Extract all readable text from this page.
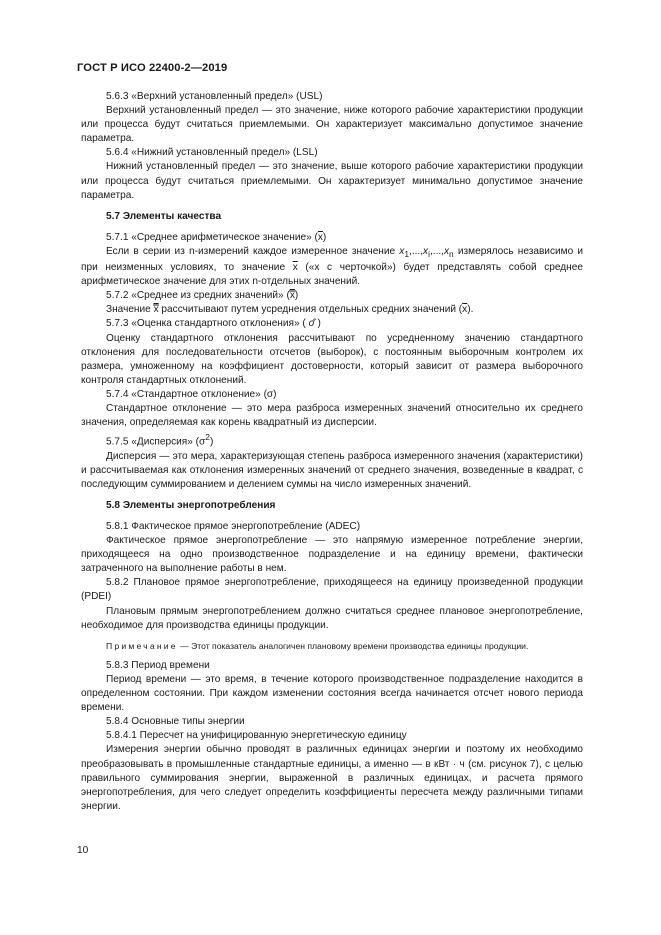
ГОСТ Р ИСО 22400-2—2019

5.6.3 «Верхний установленный предел» (USL)

Верхний установленный предел — это значение, ниже которого рабочие характеристики продукции или процесса будут считаться приемлемыми. Он характеризует максимально допустимое значение параметра.

5.6.4 «Нижний установленный предел» (LSL)

Нижний установленный предел — это значение, выше которого рабочие характеристики продукции или процесса будут считаться приемлемыми. Он характеризует минимально допустимое значение параметра.

5.7 Элементы качества

5.7.1 «Среднее арифметическое значение» $(\overline{x})$

Если в серии из n-измерений каждое измеренное значение $x_1,...,x_i,...,x_n$ измерялось независимо и при неизменных условиях, то значение $\overline{x}$ («х с черточкой») будет представлять собой среднее арифметическое значение для этих n-отдельных значений.

5.7.2 «Среднее из средних значений» (x̿)

Значение x̿ рассчитывают путем усреднения отдельных средних значений $(\overline{x})$.

5.7.3 «Оценка стандартного отклонения» ( σ̂ )

Оценку стандартного отклонения рассчитывают по усредненному значению стандартного отклонения для последовательности отсчетов (выборок), с постоянным выборочным контролем их размера, умноженному на коэффициент достоверности, который зависит от размера выборочного контроля стандартных отклонений.

5.7.4 «Стандартное отклонение» (σ)

Стандартное отклонение — это мера разброса измеренных значений относительно их среднего значения, определяемая как корень квадратный из дисперсии.

5.7.5 «Дисперсия» $(\sigma^2)$

Дисперсия — это мера, характеризующая степень разброса измеренного значения (характеристики) и рассчитываемая как отклонения измеренных значений от среднего значения, возведенные в квадрат, с последующим суммированием и делением суммы на число измеренных значений.

5.8 Элементы энергопотребления

5.8.1 Фактическое прямое энергопотребление (ADEC)

Фактическое прямое энергопотребление — это напрямую измеренное потребление энергии, приходящееся на одно производственное подразделение и на единицу времени, фактически затраченного на выполнение работы в нем.

5.8.2 Плановое прямое энергопотребление, приходящееся на единицу произведенной продукции (PDEI)

Плановым прямым энергопотреблением должно считаться среднее плановое энергопотребление, необходимое для производства единицы продукции.

Примечание — Этот показатель аналогичен плановому времени производства единицы продукции.

5.8.3 Период времени

Период времени — это время, в течение которого производственное подразделение находится в определенном состоянии. При каждом изменении состояния всегда начинается отсчет нового периода времени.

5.8.4 Основные типы энергии

5.8.4.1 Пересчет на унифицированную энергетическую единицу

Измерения энергии обычно проводят в различных единицах энергии и поэтому их необходимо преобразовывать в промышленные стандартные единицы, а именно — в кВт · ч (см. рисунок 7), с целью правильного суммирования энергии, выраженной в различных единицах, и расчета прямого энергопотребления, для чего следует определить коэффициенты пересчета между различными типами энергии.

10
